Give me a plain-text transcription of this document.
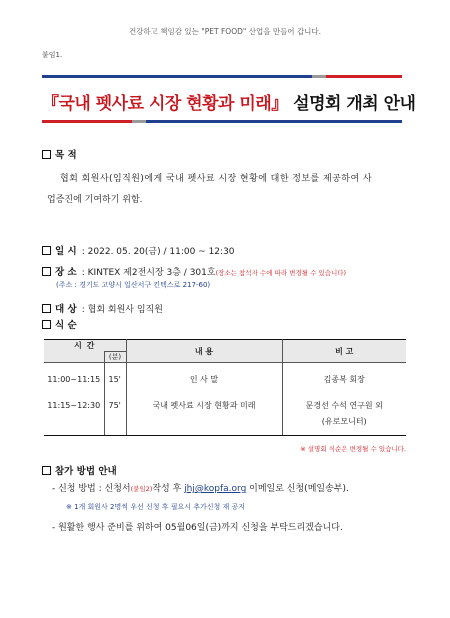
건강하고 책임감 있는 "PET FOOD" 산업을 만들어 갑니다.
붙임1.
『국내 펫사료 시장 현황과 미래』 설명회 개최 안내
목 적
협회 회원사(임직원)에게 국내 펫사료 시장 현황에 대한 정보를 제공하여 사
업증진에 기여하기 위함.
일 시 : 2022. 05. 20(금) / 11:00 ~ 12:30
장 소 : KINTEX 제2전시장 3층 / 301호(장소는 참석자 수에 따라 변경될 수 있습니다)
(주소 : 경기도 고양시 일산서구 킨텍스로 217-60)
대 상 : 협회 회원사 임직원
식 순
시 간		내 용	비 고
	(분)		

11:00~11:15	15'	인 사 말	김종복 회장

11:15~12:30	75'	국내 펫사료 시장 현황과 미래	문경선 수석 연구원 외
			(유로모니터)

※ 설명회 식순은 변경될 수 있습니다.
참가 방법 안내
- 신청 방법 : 신청서(붙임2)작성 후 jhj@kopfa.org 이메일로 신청(메일송부).
※ 1개 회원사 2명씩 우선 신청 후 필요시 추가신청 재 공지
- 원활한 행사 준비를 위하여 05월06일(금)까지 신청을 부탁드리겠습니다.
